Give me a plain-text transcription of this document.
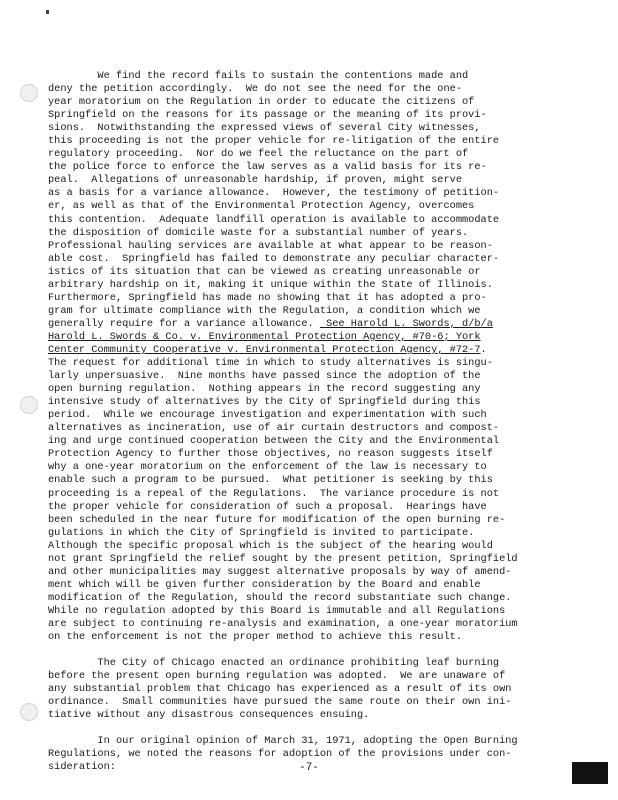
We find the record fails to sustain the contentions made and
deny the petition accordingly.  We do not see the need for the one-
year moratorium on the Regulation in order to educate the citizens of
Springfield on the reasons for its passage or the meaning of its provi-
sions.  Notwithstanding the expressed views of several City witnesses,
this proceeding is not the proper vehicle for re-litigation of the entire
regulatory proceeding.  Nor do we feel the reluctance on the part of
the police force to enforce the law serves as a valid basis for its re-
peal.  Allegations of unreasonable hardship, if proven, might serve
as a basis for a variance allowance.  However, the testimony of petition-
er, as well as that of the Environmental Protection Agency, overcomes
this contention.  Adequate landfill operation is available to accommodate
the disposition of domicile waste for a substantial number of years.
Professional hauling services are available at what appear to be reason-
able cost.  Springfield has failed to demonstrate any peculiar character-
istics of its situation that can be viewed as creating unreasonable or
arbitrary hardship on it, making it unique within the State of Illinois.
Furthermore, Springfield has made no showing that it has adopted a pro-
gram for ultimate compliance with the Regulation, a condition which we
generally require for a variance allowance.  See Harold L. Swords, d/b/a
Harold L. Swords & Co. v. Environmental Protection Agency, #70-6; York
Center Community Cooperative v. Environmental Protection Agency, #72-7.
The request for additional time in which to study alternatives is singu-
larly unpersuasive.  Nine months have passed since the adoption of the
open burning regulation.  Nothing appears in the record suggesting any
intensive study of alternatives by the City of Springfield during this
period.  While we encourage investigation and experimentation with such
alternatives as incineration, use of air curtain destructors and compost-
ing and urge continued cooperation between the City and the Environmental
Protection Agency to further those objectives, no reason suggests itself
why a one-year moratorium on the enforcement of the law is necessary to
enable such a program to be pursued.  What petitioner is seeking by this
proceeding is a repeal of the Regulations.  The variance procedure is not
the proper vehicle for consideration of such a proposal.  Hearings have
been scheduled in the near future for modification of the open burning re-
gulations in which the City of Springfield is invited to participate.
Although the specific proposal which is the subject of the hearing would
not grant Springfield the relief sought by the present petition, Springfield
and other municipalities may suggest alternative proposals by way of amend-
ment which will be given further consideration by the Board and enable
modification of the Regulation, should the record substantiate such change.
While no regulation adopted by this Board is immutable and all Regulations
are subject to continuing re-analysis and examination, a one-year moratorium
on the enforcement is not the proper method to achieve this result.
The City of Chicago enacted an ordinance prohibiting leaf burning
before the present open burning regulation was adopted.  We are unaware of
any substantial problem that Chicago has experienced as a result of its own
ordinance.  Small communities have pursued the same route on their own ini-
tiative without any disastrous consequences ensuing.
In our original opinion of March 31, 1971, adopting the Open Burning
Regulations, we noted the reasons for adoption of the provisions under con-
sideration:	-7-
